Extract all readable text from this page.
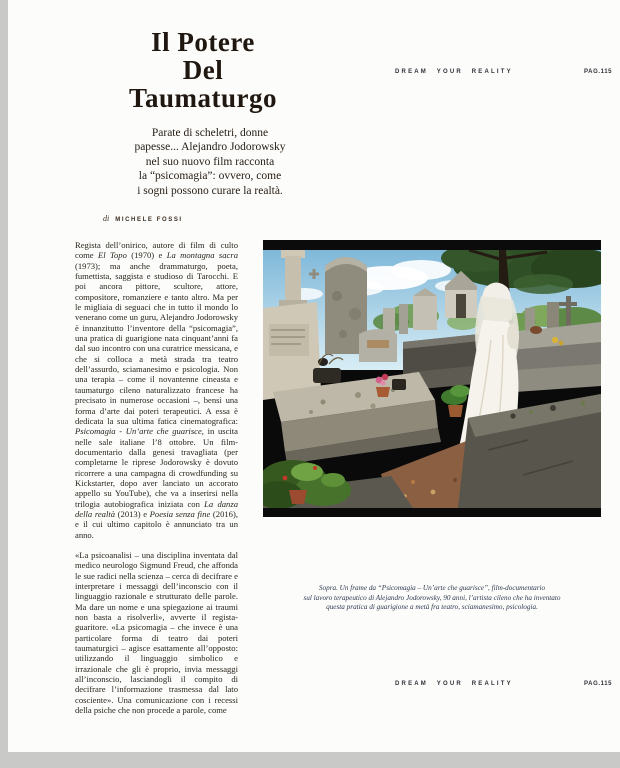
DREAM YOUR REALITY	PAG.115
Il Potere
Del
Taumaturgo
Parate di scheletri, donne
papesse... Alejandro Jodorowsky
nel suo nuovo film racconta
la “psicomagia”: ovvero, come
i sogni possono curare la realtà.
di MICHELE FOSSI

Regista dell’onirico, autore di film di culto come El Topo (1970) e La montagna sacra (1973); ma anche drammaturgo, poeta, fumettista, saggista e studioso di Tarocchi. E poi ancora pittore, scultore, attore, compositore, romanziere e tanto altro. Ma per le migliaia di seguaci che in tutto il mondo lo venerano come un guru, Alejandro Jodorowsky è innanzitutto l’inventore della “psicomagia”, una pratica di guarigione nata cinquant’anni fa dal suo incontro con una curatrice messicana, e che si colloca a metà strada tra teatro dell’assurdo, sciamanesimo e psicologia. Non una terapia – come il novantenne cineasta e taumaturgo cileno naturalizzato francese ha precisato in numerose occasioni –, bensì una forma d’arte dai poteri terapeutici. A essa è dedicata la sua ultima fatica cinematografica: Psicomagia - Un’arte che guarisce, in uscita nelle sale italiane l’8 ottobre. Un film-documentario dalla genesi travagliata (per completarne le riprese Jodorowsky è dovuto ricorrere a una campagna di crowdfunding su Kickstarter, dopo aver lanciato un accorato appello su YouTube), che va a inserirsi nella trilogia autobiografica iniziata con La danza della realtà (2013) e Poesia senza fine (2016), e il cui ultimo capitolo è annunciato tra un anno.

«La psicoanalisi – una disciplina inventata dal medico neurologo Sigmund Freud, che affonda le sue radici nella scienza – cerca di decifrare e interpretare i messaggi dell’inconscio con il linguaggio razionale e strutturato delle parole. Ma dare un nome e una spiegazione ai traumi non basta a risolverli», avverte il regista-guaritore. «La psicomagia – che invece è una particolare forma di teatro dai poteri taumaturgici – agisce esattamente all’opposto: utilizzando il linguaggio simbolico e irrazionale che gli è proprio, invia messaggi all’inconscio, lasciandogli il compito di decifrare l’informazione trasmessa dal lato cosciente». Una comunicazione con i recessi della psiche che non procede a parole, come

Sopra. Un frame da “Psicomagia – Un’arte che guarisce”, film-documentario
sul lavoro terapeutico di Alejandro Jodorowsky, 90 anni, l’artista cileno che ha inventato
questa pratica di guarigione a metà fra teatro, sciamanesimo, psicologia.
DREAM YOUR REALITY	PAG.115
